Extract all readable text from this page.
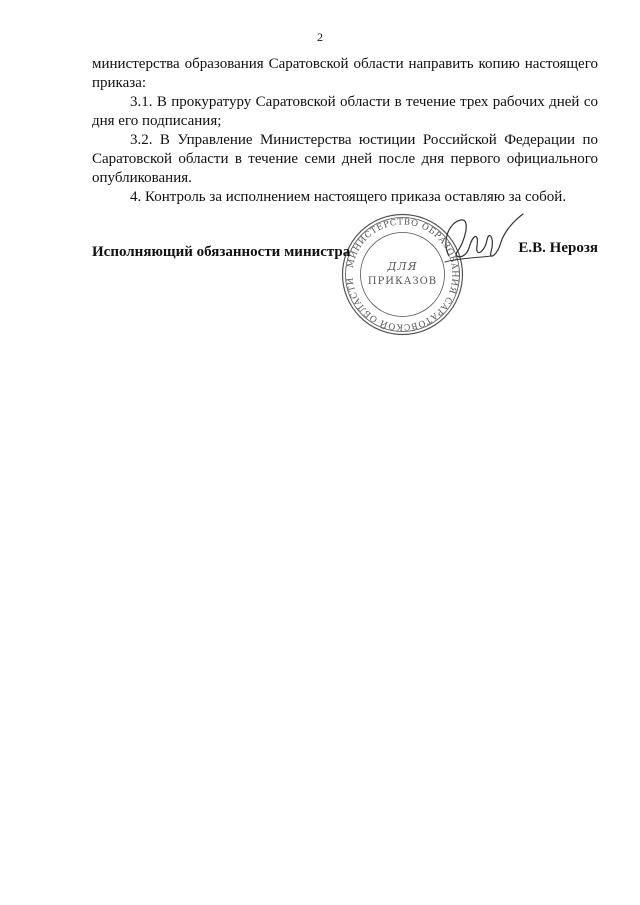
2

министерства образования Саратовской области направить копию настоящего приказа:

3.1. В прокуратуру Саратовской области в течение трех рабочих дней со дня его подписания;

3.2. В Управление Министерства юстиции Российской Федерации по Саратовской области в течение семи дней после дня первого официального опубликования.

4. Контроль за исполнением настоящего приказа оставляю за собой.

МИНИСТЕРСТВО ОБРАЗОВАНИЯ САРАТОВСКОЙ ОБЛАСТИ
ДЛЯ
ПРИКАЗОВ
Исполняющий обязанности министра	Е.В. Нерозя
